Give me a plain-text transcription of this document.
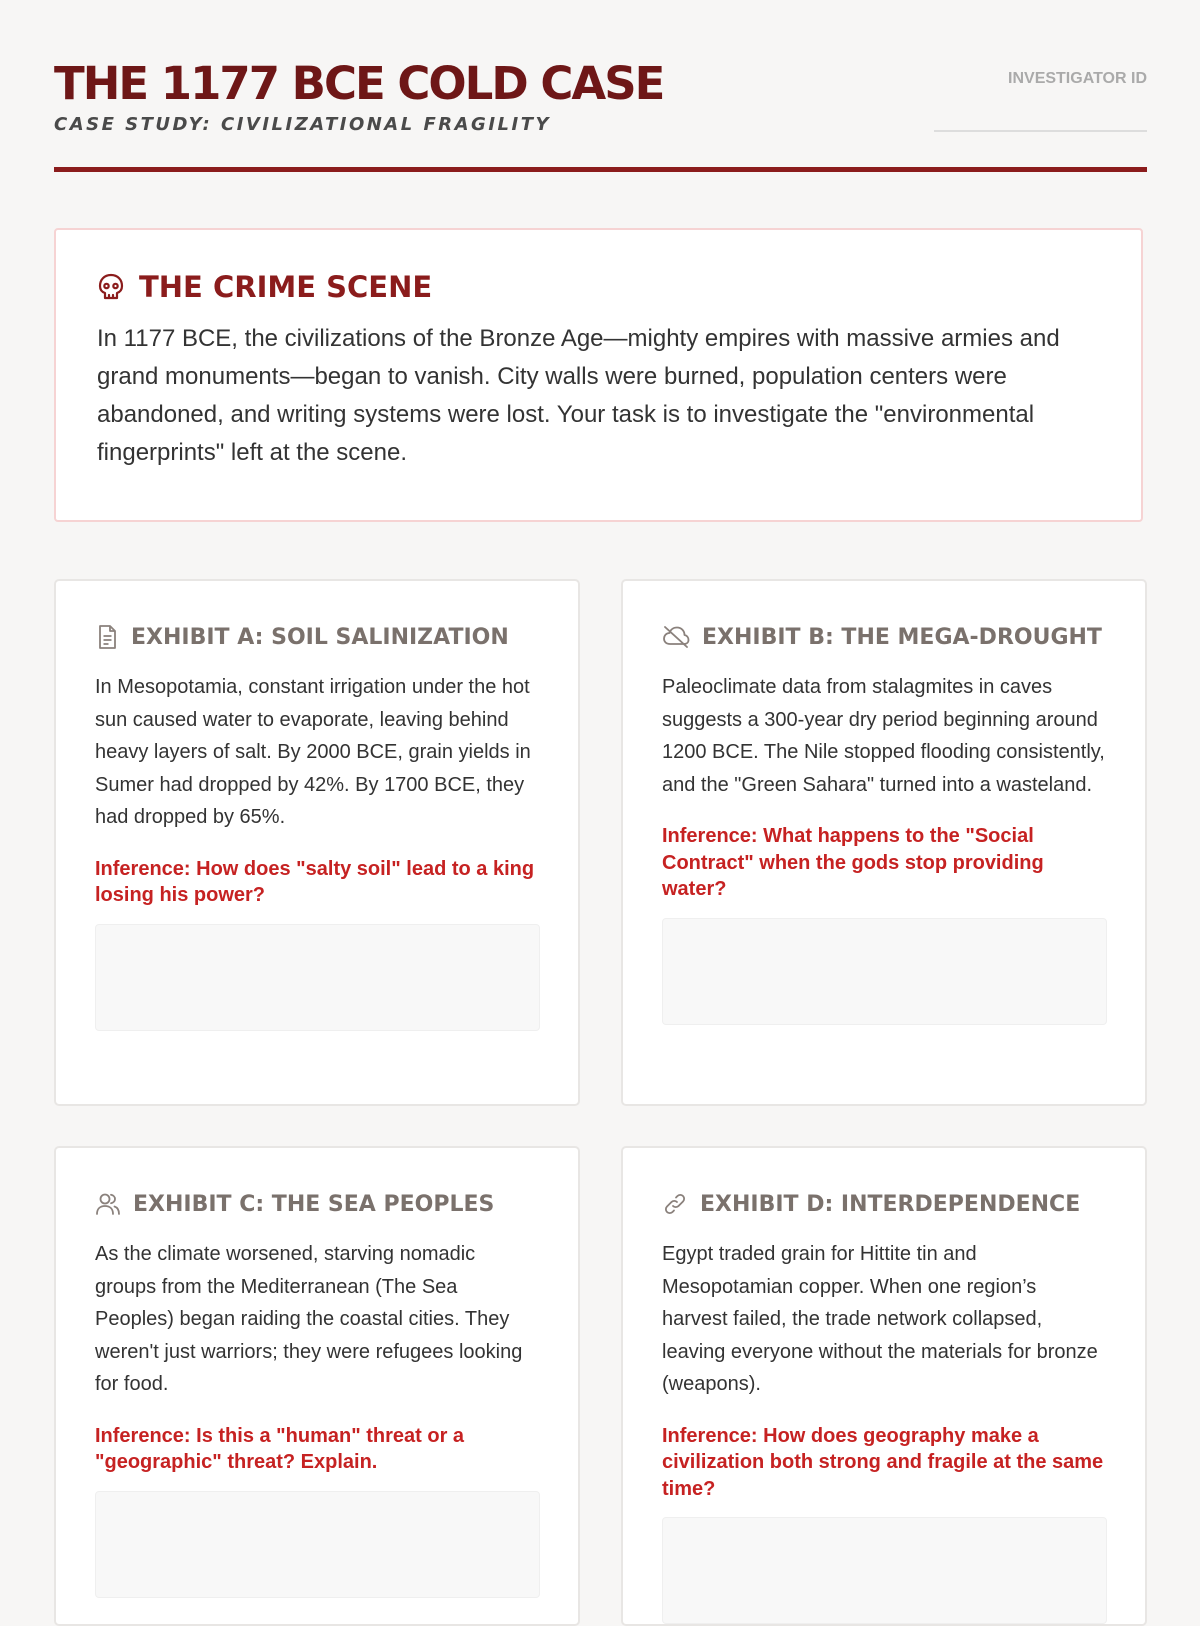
THE 1177 BCE COLD CASE
CASE STUDY: CIVILIZATIONAL FRAGILITY
INVESTIGATOR ID
THE CRIME SCENE
In 1177 BCE, the civilizations of the Bronze Age—mighty empires with massive armies and grand monuments—began to vanish. City walls were burned, population centers were abandoned, and writing systems were lost. Your task is to investigate the "environmental fingerprints" left at the scene.
EXHIBIT A: SOIL SALINIZATION
In Mesopotamia, constant irrigation under the hot sun caused water to evaporate, leaving behind heavy layers of salt. By 2000 BCE, grain yields in Sumer had dropped by 42%. By 1700 BCE, they had dropped by 65%.
Inference: How does "salty soil" lead to a king losing his power?
EXHIBIT B: THE MEGA-DROUGHT
Paleoclimate data from stalagmites in caves suggests a 300-year dry period beginning around 1200 BCE. The Nile stopped flooding consistently, and the "Green Sahara" turned into a wasteland.
Inference: What happens to the "Social Contract" when the gods stop providing water?
EXHIBIT C: THE SEA PEOPLES
As the climate worsened, starving nomadic groups from the Mediterranean (The Sea Peoples) began raiding the coastal cities. They weren't just warriors; they were refugees looking for food.
Inference: Is this a "human" threat or a "geographic" threat? Explain.
EXHIBIT D: INTERDEPENDENCE
Egypt traded grain for Hittite tin and Mesopotamian copper. When one region’s harvest failed, the trade network collapsed, leaving everyone without the materials for bronze (weapons).
Inference: How does geography make a civilization both strong and fragile at the same time?
